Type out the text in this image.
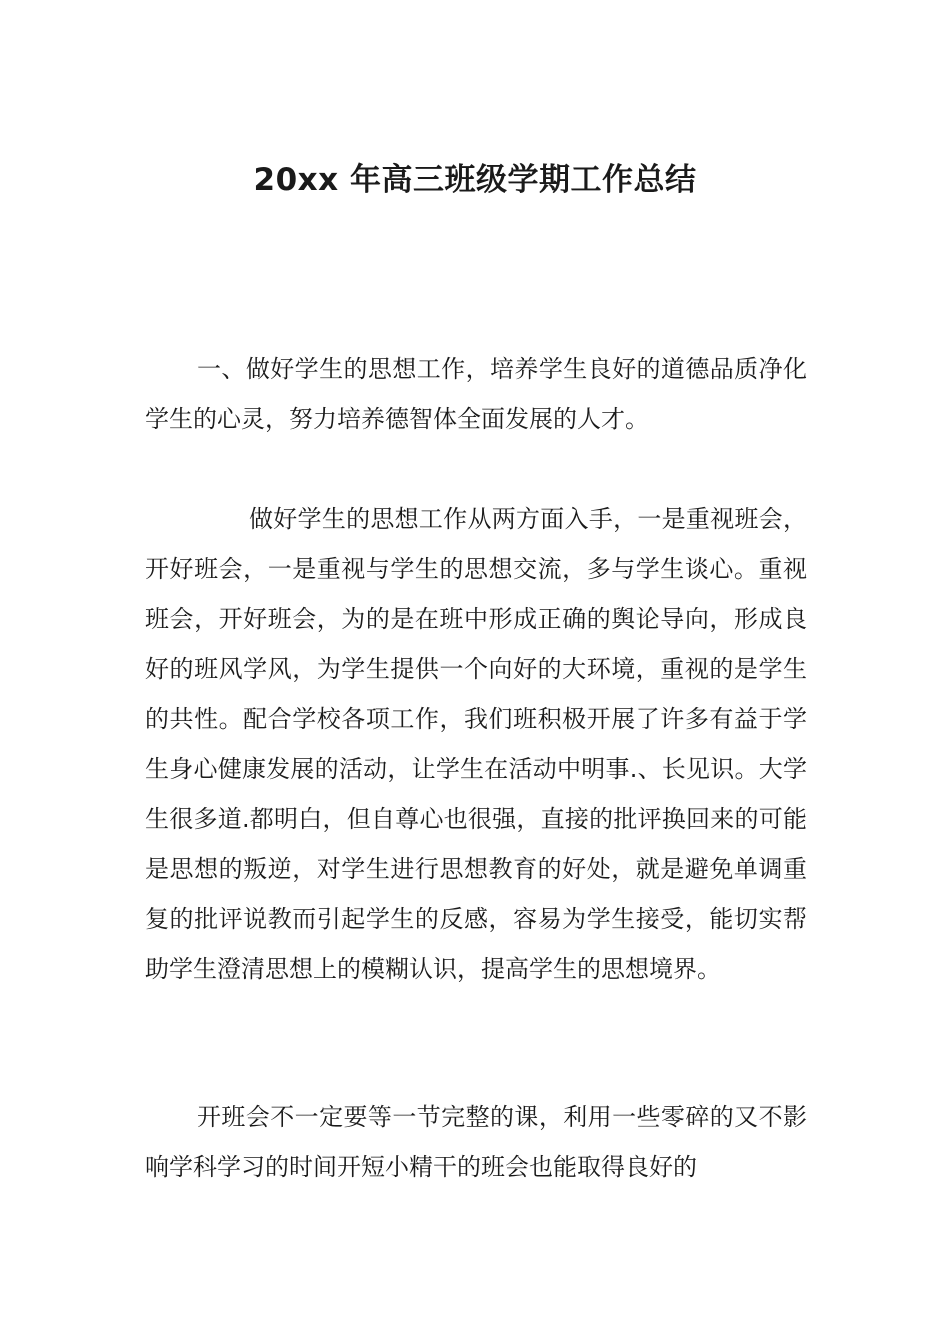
20xx 年高三班级学期工作总结

一、做好学生的思想工作，培养学生良好的道德品质净化学生的心灵，努力培养德智体全面发展的人才。

做好学生的思想工作从两方面入手，一是重视班会，开好班会，一是重视与学生的思想交流，多与学生谈心。重视班会，开好班会，为的是在班中形成正确的舆论导向，形成良好的班风学风，为学生提供一个向好的大环境，重视的是学生的共性。配合学校各项工作，我们班积极开展了许多有益于学生身心健康发展的活动，让学生在活动中明事.、长见识。大学生很多道.都明白，但自尊心也很强，直接的批评换回来的可能是思想的叛逆，对学生进行思想教育的好处，就是避免单调重复的批评说教而引起学生的反感，容易为学生接受，能切实帮助学生澄清思想上的模糊认识，提高学生的思想境界。

开班会不一定要等一节完整的课，利用一些零碎的又不影响学科学习的时间开短小精干的班会也能取得良好的
